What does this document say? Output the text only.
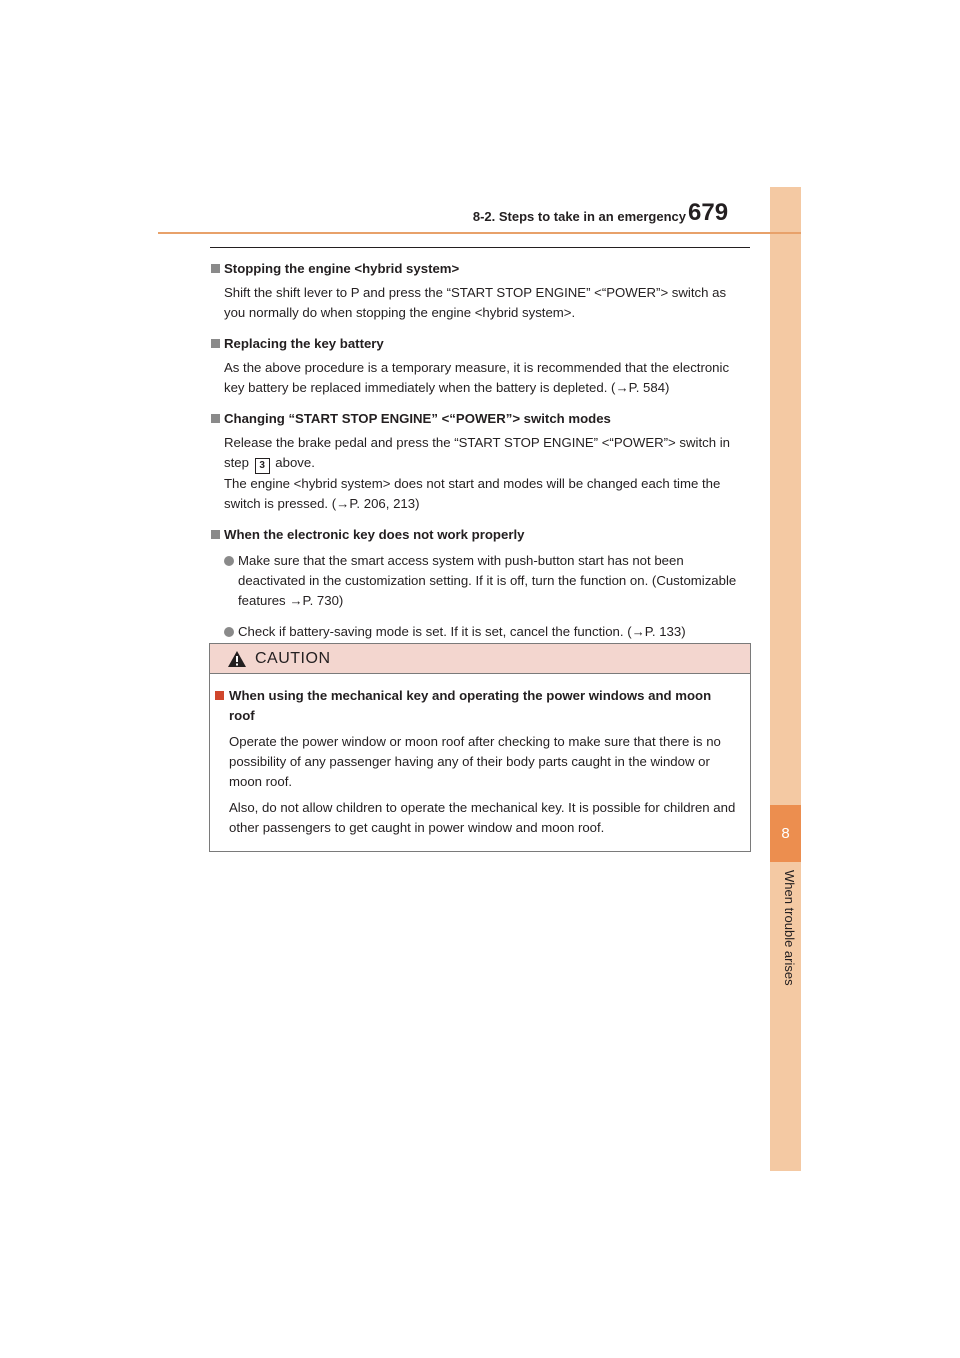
8
When trouble arises
8-2. Steps to take in an emergency 679

Stopping the engine <hybrid system>

Shift the shift lever to P and press the “START STOP ENGINE” <“POWER”> switch as you normally do when stopping the engine <hybrid system>.

Replacing the key battery

As the above procedure is a temporary measure, it is recommended that the electronic key battery be replaced immediately when the battery is depleted. (→P. 584)

Changing “START STOP ENGINE” <“POWER”> switch modes

Release the brake pedal and press the “START STOP ENGINE” <“POWER”> switch in step 3 above.
The engine <hybrid system> does not start and modes will be changed each time the switch is pressed. (→P. 206, 213)

When the electronic key does not work properly

Make sure that the smart access system with push-button start has not been deactivated in the customization setting. If it is off, turn the function on. (Customizable features →P. 730)

Check if battery-saving mode is set. If it is set, cancel the function. (→P. 133)

CAUTION

When using the mechanical key and operating the power windows and moon roof

Operate the power window or moon roof after checking to make sure that there is no possibility of any passenger having any of their body parts caught in the window or moon roof.

Also, do not allow children to operate the mechanical key. It is possible for children and other passengers to get caught in power window and moon roof.
